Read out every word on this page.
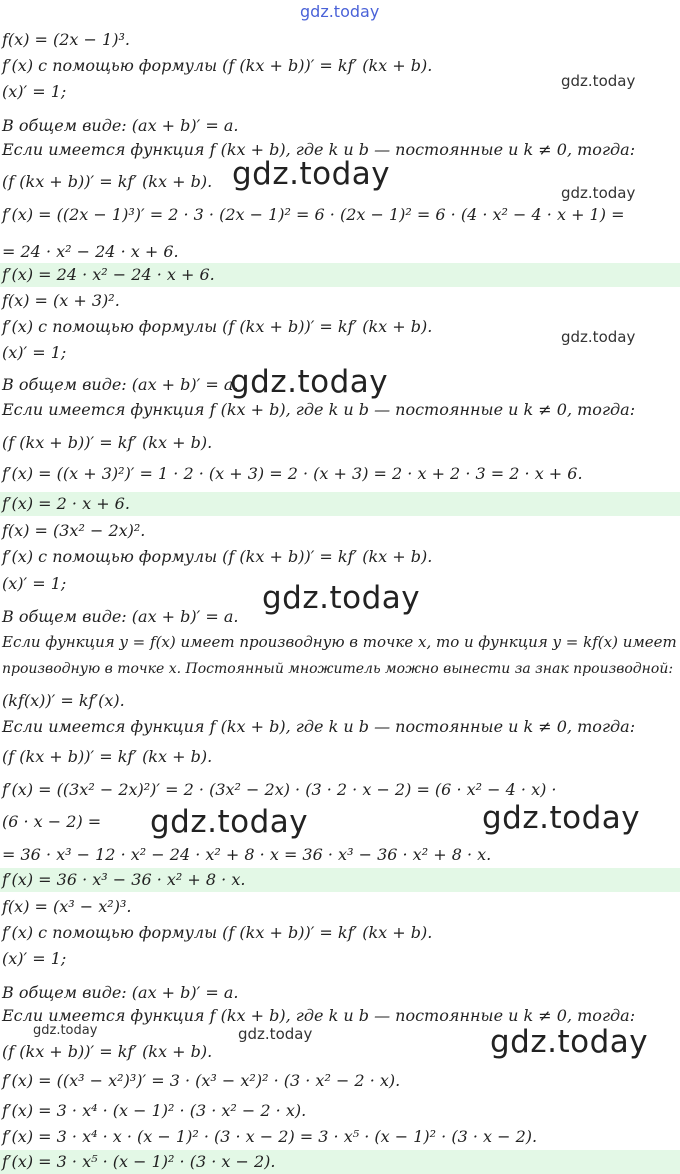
gdz.today
gdz.today
gdz.today
gdz.today
gdz.today
gdz.today
gdz.today
gdz.today	gdz.today
gdz.today	gdz.today	gdz.today
f(x) = (2x − 1)³.
f′(x) с помощью формулы (f (kx + b))′ = kf′ (kx + b).
(x)′ = 1;
В общем виде: (ax + b)′ = a.
Если имеется функция f (kx + b), где k и b — постоянные и k ≠ 0, тогда:
(f (kx + b))′ = kf′ (kx + b).
f′(x) = ((2x − 1)³)′ = 2 · 3 · (2x − 1)² = 6 · (2x − 1)² = 6 · (4 · x² − 4 · x + 1) =
= 24 · x² − 24 · x + 6.
f′(x) = 24 · x² − 24 · x + 6.
f(x) = (x + 3)².
f′(x) с помощью формулы (f (kx + b))′ = kf′ (kx + b).
(x)′ = 1;
В общем виде: (ax + b)′ = a.
Если имеется функция f (kx + b), где k и b — постоянные и k ≠ 0, тогда:
(f (kx + b))′ = kf′ (kx + b).
f′(x) = ((x + 3)²)′ = 1 · 2 · (x + 3) = 2 · (x + 3) = 2 · x + 2 · 3 = 2 · x + 6.
f′(x) = 2 · x + 6.
f(x) = (3x² − 2x)².
f′(x) с помощью формулы (f (kx + b))′ = kf′ (kx + b).
(x)′ = 1;
В общем виде: (ax + b)′ = a.
Если функция y = f(x) имеет производную в точке x, то и функция y = kf(x) имеет
производную в точке x. Постоянный множитель можно вынести за знак производной:
(kf(x))′ = kf′(x).
Если имеется функция f (kx + b), где k и b — постоянные и k ≠ 0, тогда:
(f (kx + b))′ = kf′ (kx + b).
f′(x) = ((3x² − 2x)²)′ = 2 · (3x² − 2x) · (3 · 2 · x − 2) = (6 · x² − 4 · x) ·
(6 · x − 2) =
= 36 · x³ − 12 · x² − 24 · x² + 8 · x = 36 · x³ − 36 · x² + 8 · x.
f′(x) = 36 · x³ − 36 · x² + 8 · x.
f(x) = (x³ − x²)³.
f′(x) с помощью формулы (f (kx + b))′ = kf′ (kx + b).
(x)′ = 1;
В общем виде: (ax + b)′ = a.
Если имеется функция f (kx + b), где k и b — постоянные и k ≠ 0, тогда:
(f (kx + b))′ = kf′ (kx + b).
f′(x) = ((x³ − x²)³)′ = 3 · (x³ − x²)² · (3 · x² − 2 · x).
f′(x) = 3 · x⁴ · (x − 1)² · (3 · x² − 2 · x).
f′(x) = 3 · x⁴ · x · (x − 1)² · (3 · x − 2) = 3 · x⁵ · (x − 1)² · (3 · x − 2).
f′(x) = 3 · x⁵ · (x − 1)² · (3 · x − 2).
